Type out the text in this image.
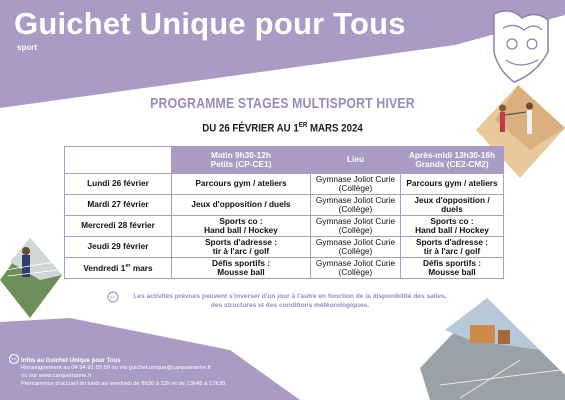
Guichet Unique pour Tous
sport
PROGRAMME STAGES MULTISPORT HIVER
DU 26 FÉVRIER AU 1ER MARS 2024

	Matin 9h30-12h
Petits (CP-CE1)	Lieu	Après-midi 13h30-16h
Grands (CE2-CM2)

Lundi 26 février	Parcours gym / ateliers	Gymnase Joliot Curie
(Collège)	Parcours gym / ateliers

Mardi 27 février	Jeux d'opposition / duels	Gymnase Joliot Curie
(Collège)	Jeux d'opposition / duels

Mercredi 28 février	Sports co :
Hand ball / Hockey	Gymnase Joliot Curie
(Collège)	Sports co :
Hand ball / Hockey

Jeudi 29 février	Sports d'adresse :
tir à l'arc / golf	Gymnase Joliot Curie
(Collège)	Sports d'adresse :
tir à l'arc / golf

Vendredi 1er mars	Défis sportifs :
Mousse ball	Gymnase Joliot Curie
(Collège)	Défis sportifs :
Mousse ball
Les activités prévues peuvent s'inverser d'un jour à l'autre en fonction de la disponibilité des salles,
des structures et des conditions météorologiques.
Infos au Guichet Unique pour Tous
Renseignement au 04 94 91 59 59 ou via guichet.unique@carqueiranne.fr
ou sur www.carqueiranne.fr
Permanence d'accueil du lundi au vendredi de 8h30 à 12h et de 13h45 à 17h30.
